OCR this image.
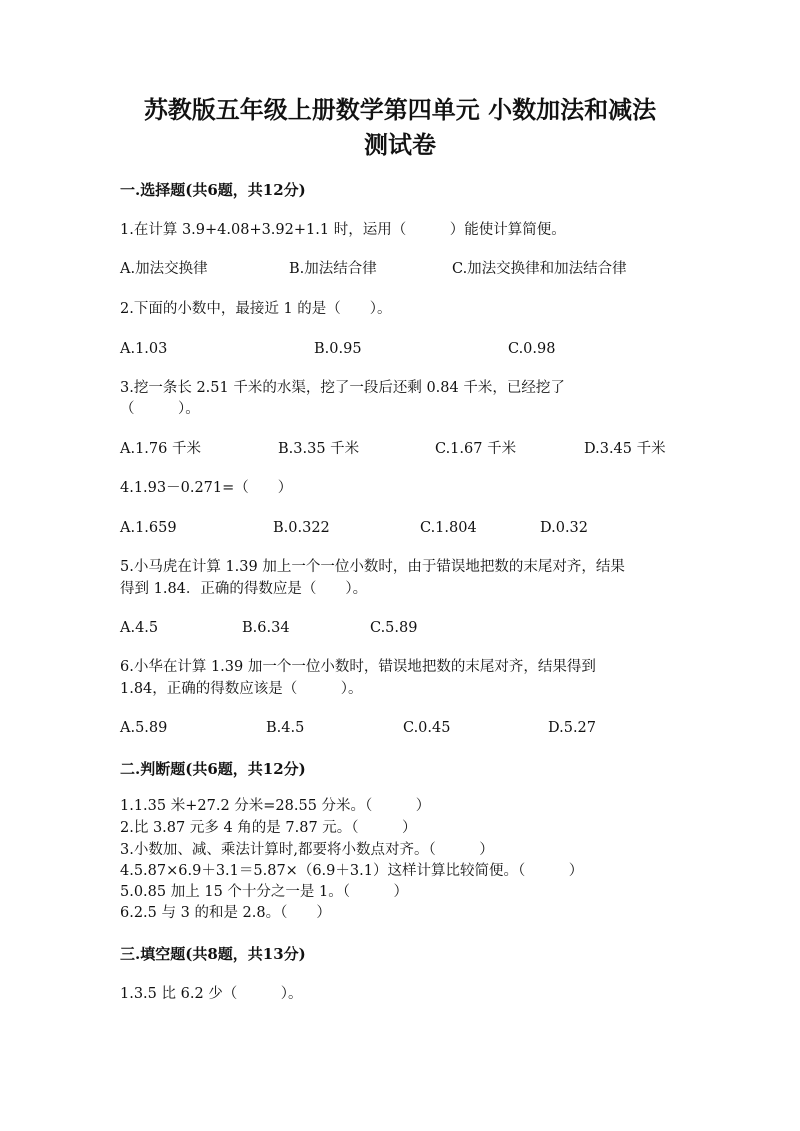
苏教版五年级上册数学第四单元 小数加法和减法
测试卷
一.选择题(共6题，共12分)
1.在计算 3.9+4.08+3.92+1.1 时，运用（　　　）能使计算简便。
A.加法交换律	B.加法结合律	C.加法交换律和加法结合律
2.下面的小数中，最接近 1 的是（　　）。
A.1.03	B.0.95	C.0.98
3.挖一条长 2.51 千米的水渠，挖了一段后还剩 0.84 千米，已经挖了
（　　　）。
A.1.76 千米	B.3.35 千米	C.1.67 千米	D.3.45 千米
4.1.93－0.271=（　　）
A.1.659	B.0.322	C.1.804	D.0.32
5.小马虎在计算 1.39 加上一个一位小数时，由于错误地把数的末尾对齐，结果
得到 1.84．正确的得数应是（　　）。
A.4.5	B.6.34	C.5.89
6.小华在计算 1.39 加一个一位小数时，错误地把数的末尾对齐，结果得到
1.84，正确的得数应该是（　　　）。
A.5.89	B.4.5	C.0.45	D.5.27
二.判断题(共6题，共12分)
1.1.35 米+27.2 分米=28.55 分米。（　　　）
2.比 3.87 元多 4 角的是 7.87 元。（　　　）
3.小数加、减、乘法计算时,都要将小数点对齐。（　　　）
4.5.87×6.9＋3.1＝5.87×（6.9＋3.1）这样计算比较简便。（　　　）
5.0.85 加上 15 个十分之一是 1。（　　　）
6.2.5 与 3 的和是 2.8。（　　）
三.填空题(共8题，共13分)
1.3.5 比 6.2 少（　　　）。
